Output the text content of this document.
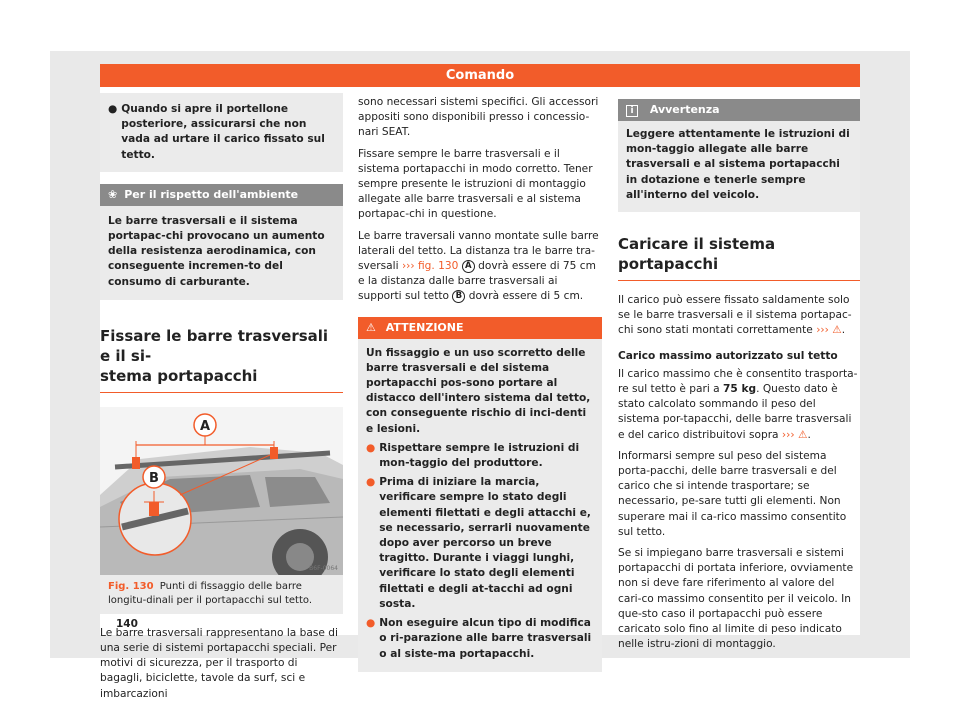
Comando
● Quando si apre il portellone posteriore, assicurarsi che non vada ad urtare il carico fissato sul tetto.
❀ Per il rispetto dell'ambiente
Le barre trasversali e il sistema portapac-chi provocano un aumento della resistenza aerodinamica, con conseguente incremen-to del consumo di carburante.
Fissare le barre trasversali e il si-
stema portapacchi
A
B
B6F-0064
Fig. 130 Punti di fissaggio delle barre longitu-dinali per il portapacchi sul tetto.
Le barre trasversali rappresentano la base di una serie di sistemi portapacchi speciali. Per motivi di sicurezza, per il trasporto di bagagli, biciclette, tavole da surf, sci e imbarcazioni
sono necessari sistemi specifici. Gli accessori appositi sono disponibili presso i concessio-nari SEAT.
Fissare sempre le barre trasversali e il sistema portapacchi in modo corretto. Tener sempre presente le istruzioni di montaggio allegate alle barre trasversali e al sistema portapac-chi in questione.
Le barre traversali vanno montate sulle barre laterali del tetto. La distanza tra le barre tra-sversali ››› fig. 130 A dovrà essere di 75 cm e la distanza dalle barre trasversali ai supporti sul tetto B dovrà essere di 5 cm.
⚠ ATTENZIONE
Un fissaggio e un uso scorretto delle barre trasversali e del sistema portapacchi pos-sono portare al distacco dell'intero sistema dal tetto, con conseguente rischio di inci-denti e lesioni.
● Rispettare sempre le istruzioni di mon-taggio del produttore.
● Prima di iniziare la marcia, verificare sempre lo stato degli elementi filettati e degli attacchi e, se necessario, serrarli nuovamente dopo aver percorso un breve tragitto. Durante i viaggi lunghi, verificare lo stato degli elementi filettati e degli at-tacchi ad ogni sosta.
● Non eseguire alcun tipo di modifica o ri-parazione alle barre trasversali o al siste-ma portapacchi.
i Avvertenza
Leggere attentamente le istruzioni di mon-taggio allegate alle barre trasversali e al sistema portapacchi in dotazione e tenerle sempre all'interno del veicolo.
Caricare il sistema portapacchi
Il carico può essere fissato saldamente solo se le barre trasversali e il sistema portapac-chi sono stati montati correttamente ››› ⚠.
Carico massimo autorizzato sul tetto
Il carico massimo che è consentito trasporta-re sul tetto è pari a 75 kg. Questo dato è stato calcolato sommando il peso del sistema por-tapacchi, delle barre trasversali e del carico distribuitovi sopra ››› ⚠.
Informarsi sempre sul peso del sistema porta-pacchi, delle barre trasversali e del carico che si intende trasportare; se necessario, pe-sare tutti gli elementi. Non superare mai il ca-rico massimo consentito sul tetto.
Se si impiegano barre trasversali e sistemi portapacchi di portata inferiore, ovviamente non si deve fare riferimento al valore del cari-co massimo consentito per il veicolo. In que-sto caso il portapacchi può essere caricato solo fino al limite di peso indicato nelle istru-zioni di montaggio.
140
